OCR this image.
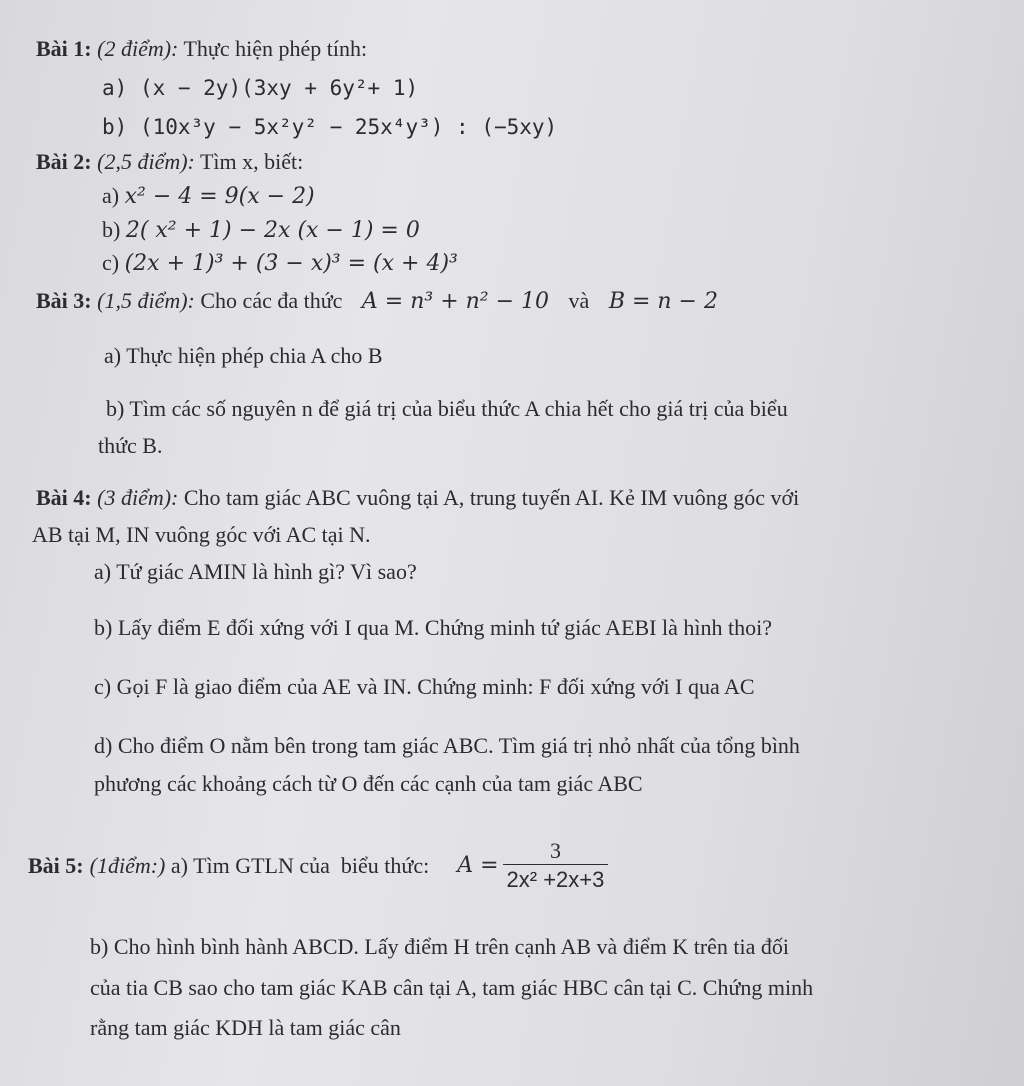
Bài 1: (2 điểm): Thực hiện phép tính:
a) (x − 2y)(3xy + 6y²+ 1)
b) (10x³y − 5x²y² − 25x⁴y³) : (−5xy)
Bài 2: (2,5 điểm): Tìm x, biết:
a) x² − 4 = 9(x − 2)
b) 2( x² + 1) − 2x (x − 1) = 0
c) (2x + 1)³ + (3 − x)³ = (x + 4)³
Bài 3: (1,5 điểm): Cho các đa thức A = n³ + n² − 10 và B = n − 2
a) Thực hiện phép chia A cho B
b) Tìm các số nguyên n để giá trị của biểu thức A chia hết cho giá trị của biểu
thức B.
Bài 4: (3 điểm): Cho tam giác ABC vuông tại A, trung tuyến AI. Kẻ IM vuông góc với
AB tại M, IN vuông góc với AC tại N.
a) Tứ giác AMIN là hình gì? Vì sao?
b) Lấy điểm E đối xứng với I qua M. Chứng minh tứ giác AEBI là hình thoi?
c) Gọi F là giao điểm của AE và IN. Chứng minh: F đối xứng với I qua AC
d) Cho điểm O nằm bên trong tam giác ABC. Tìm giá trị nhỏ nhất của tổng bình
phương các khoảng cách từ O đến các cạnh của tam giác ABC
Bài 5: (1điểm:) a) Tìm GTLN của  biểu thức: $A = \frac{3}{\text{2x² +2x+3}}$
b) Cho hình bình hành ABCD. Lấy điểm H trên cạnh AB và điểm K trên tia đối
của tia CB sao cho tam giác KAB cân tại A, tam giác HBC cân tại C. Chứng minh
rằng tam giác KDH là tam giác cân
